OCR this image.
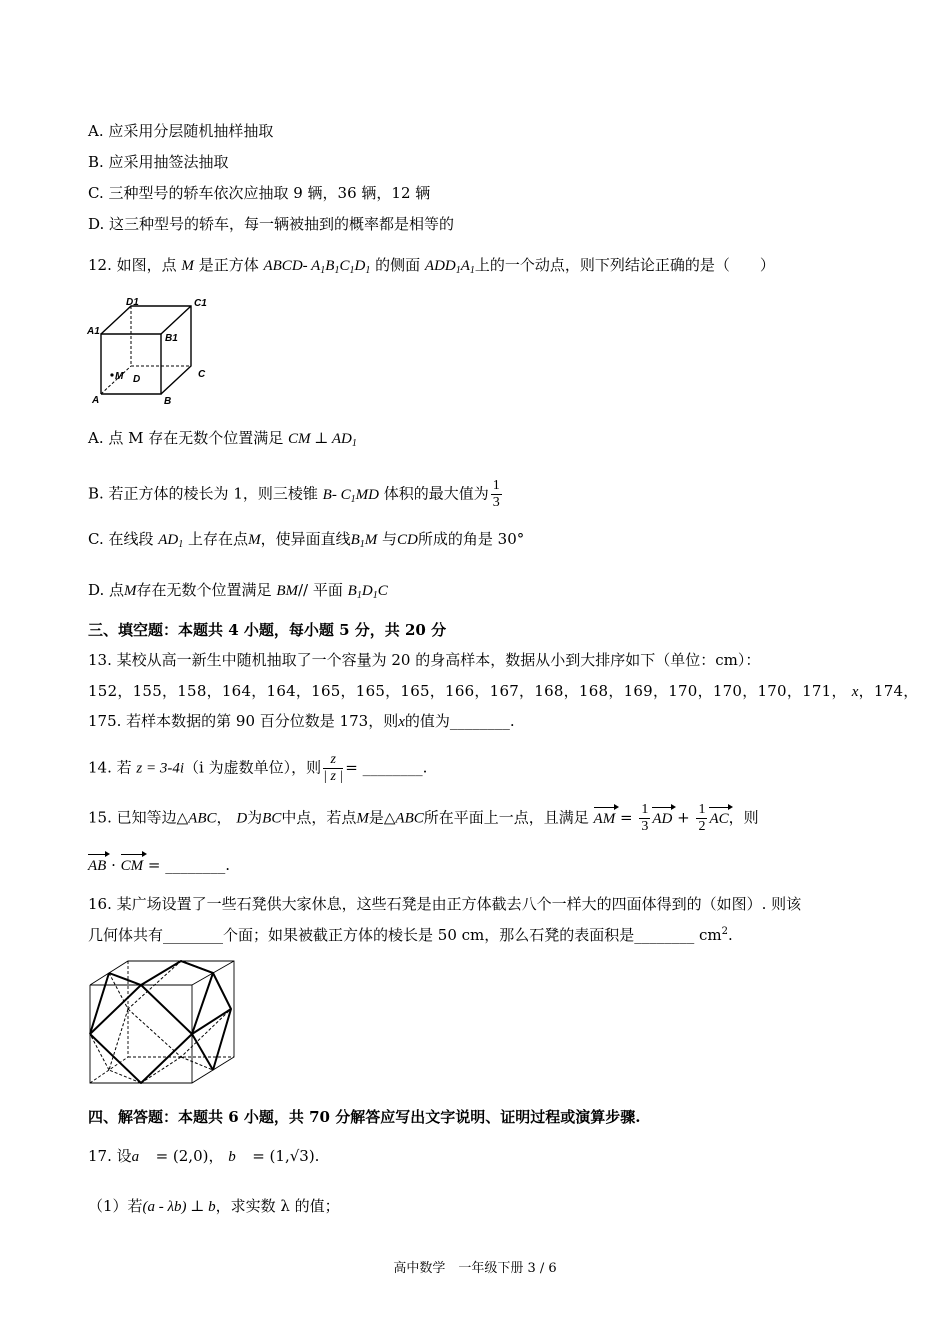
A. 应采用分层随机抽样抽取
B. 应采用抽签法抽取
C. 三种型号的轿车依次应抽取 9 辆，36 辆，12 辆
D. 这三种型号的轿车，每一辆被抽到的概率都是相等的
12. 如图，点 M 是正方体 ABCD- $A_1B_1C_1D_1$ 的侧面 $ADD_1A_1$上的一个动点，则下列结论正确的是（　　）
D1	C1
A1
B1
M D	C
A	B
A. 点 M 存在无数个位置满足 CM ⊥ $AD_1$
B. 若正方体的棱长为 1，则三棱锥 B- $C_1MD$ 体积的最大值为 $\frac{1}{3}$
C. 在线段 $AD_1$ 上存在点M，使异面直线$B_1M$ 与CD所成的角是 30°
D. 点M存在无数个位置满足 BM// 平面 $B_1D_1C$
三、填空题：本题共 4 小题，每小题 5 分，共 20 分
13. 某校从高一新生中随机抽取了一个容量为 20 的身高样本，数据从小到大排序如下（单位：cm）：
152，155，158，164，164，165，165，165，166，167，168，168，169，170，170，170，171， x，174，
175. 若样本数据的第 90 百分位数是 173，则x的值为________.
14. 若 z = 3-4i（i 为虚数单位），则 $\frac{z}{| z |}$ = ________.
15. 已知等边△ABC， D为BC中点，若点M是△ABC所在平面上一点，且满足 AM = $\frac{1}{3}$ AD + $\frac{1}{2}$ AC，则
AB · CM = ________.
16. 某广场设置了一些石凳供大家休息，这些石凳是由正方体截去八个一样大的四面体得到的（如图）. 则该
几何体共有________个面；如果被截正方体的棱长是 50 cm，那么石凳的表面积是________ $cm^2$.
四、解答题：本题共 6 小题，共 70 分解答应写出文字说明、证明过程或演算步骤.
17. 设a⃗ = (2,0)， b⃗ = (1,√3).
（1）若(a - λb) ⊥ b，求实数 λ 的值；
高中数学　一年级下册 3 / 6
